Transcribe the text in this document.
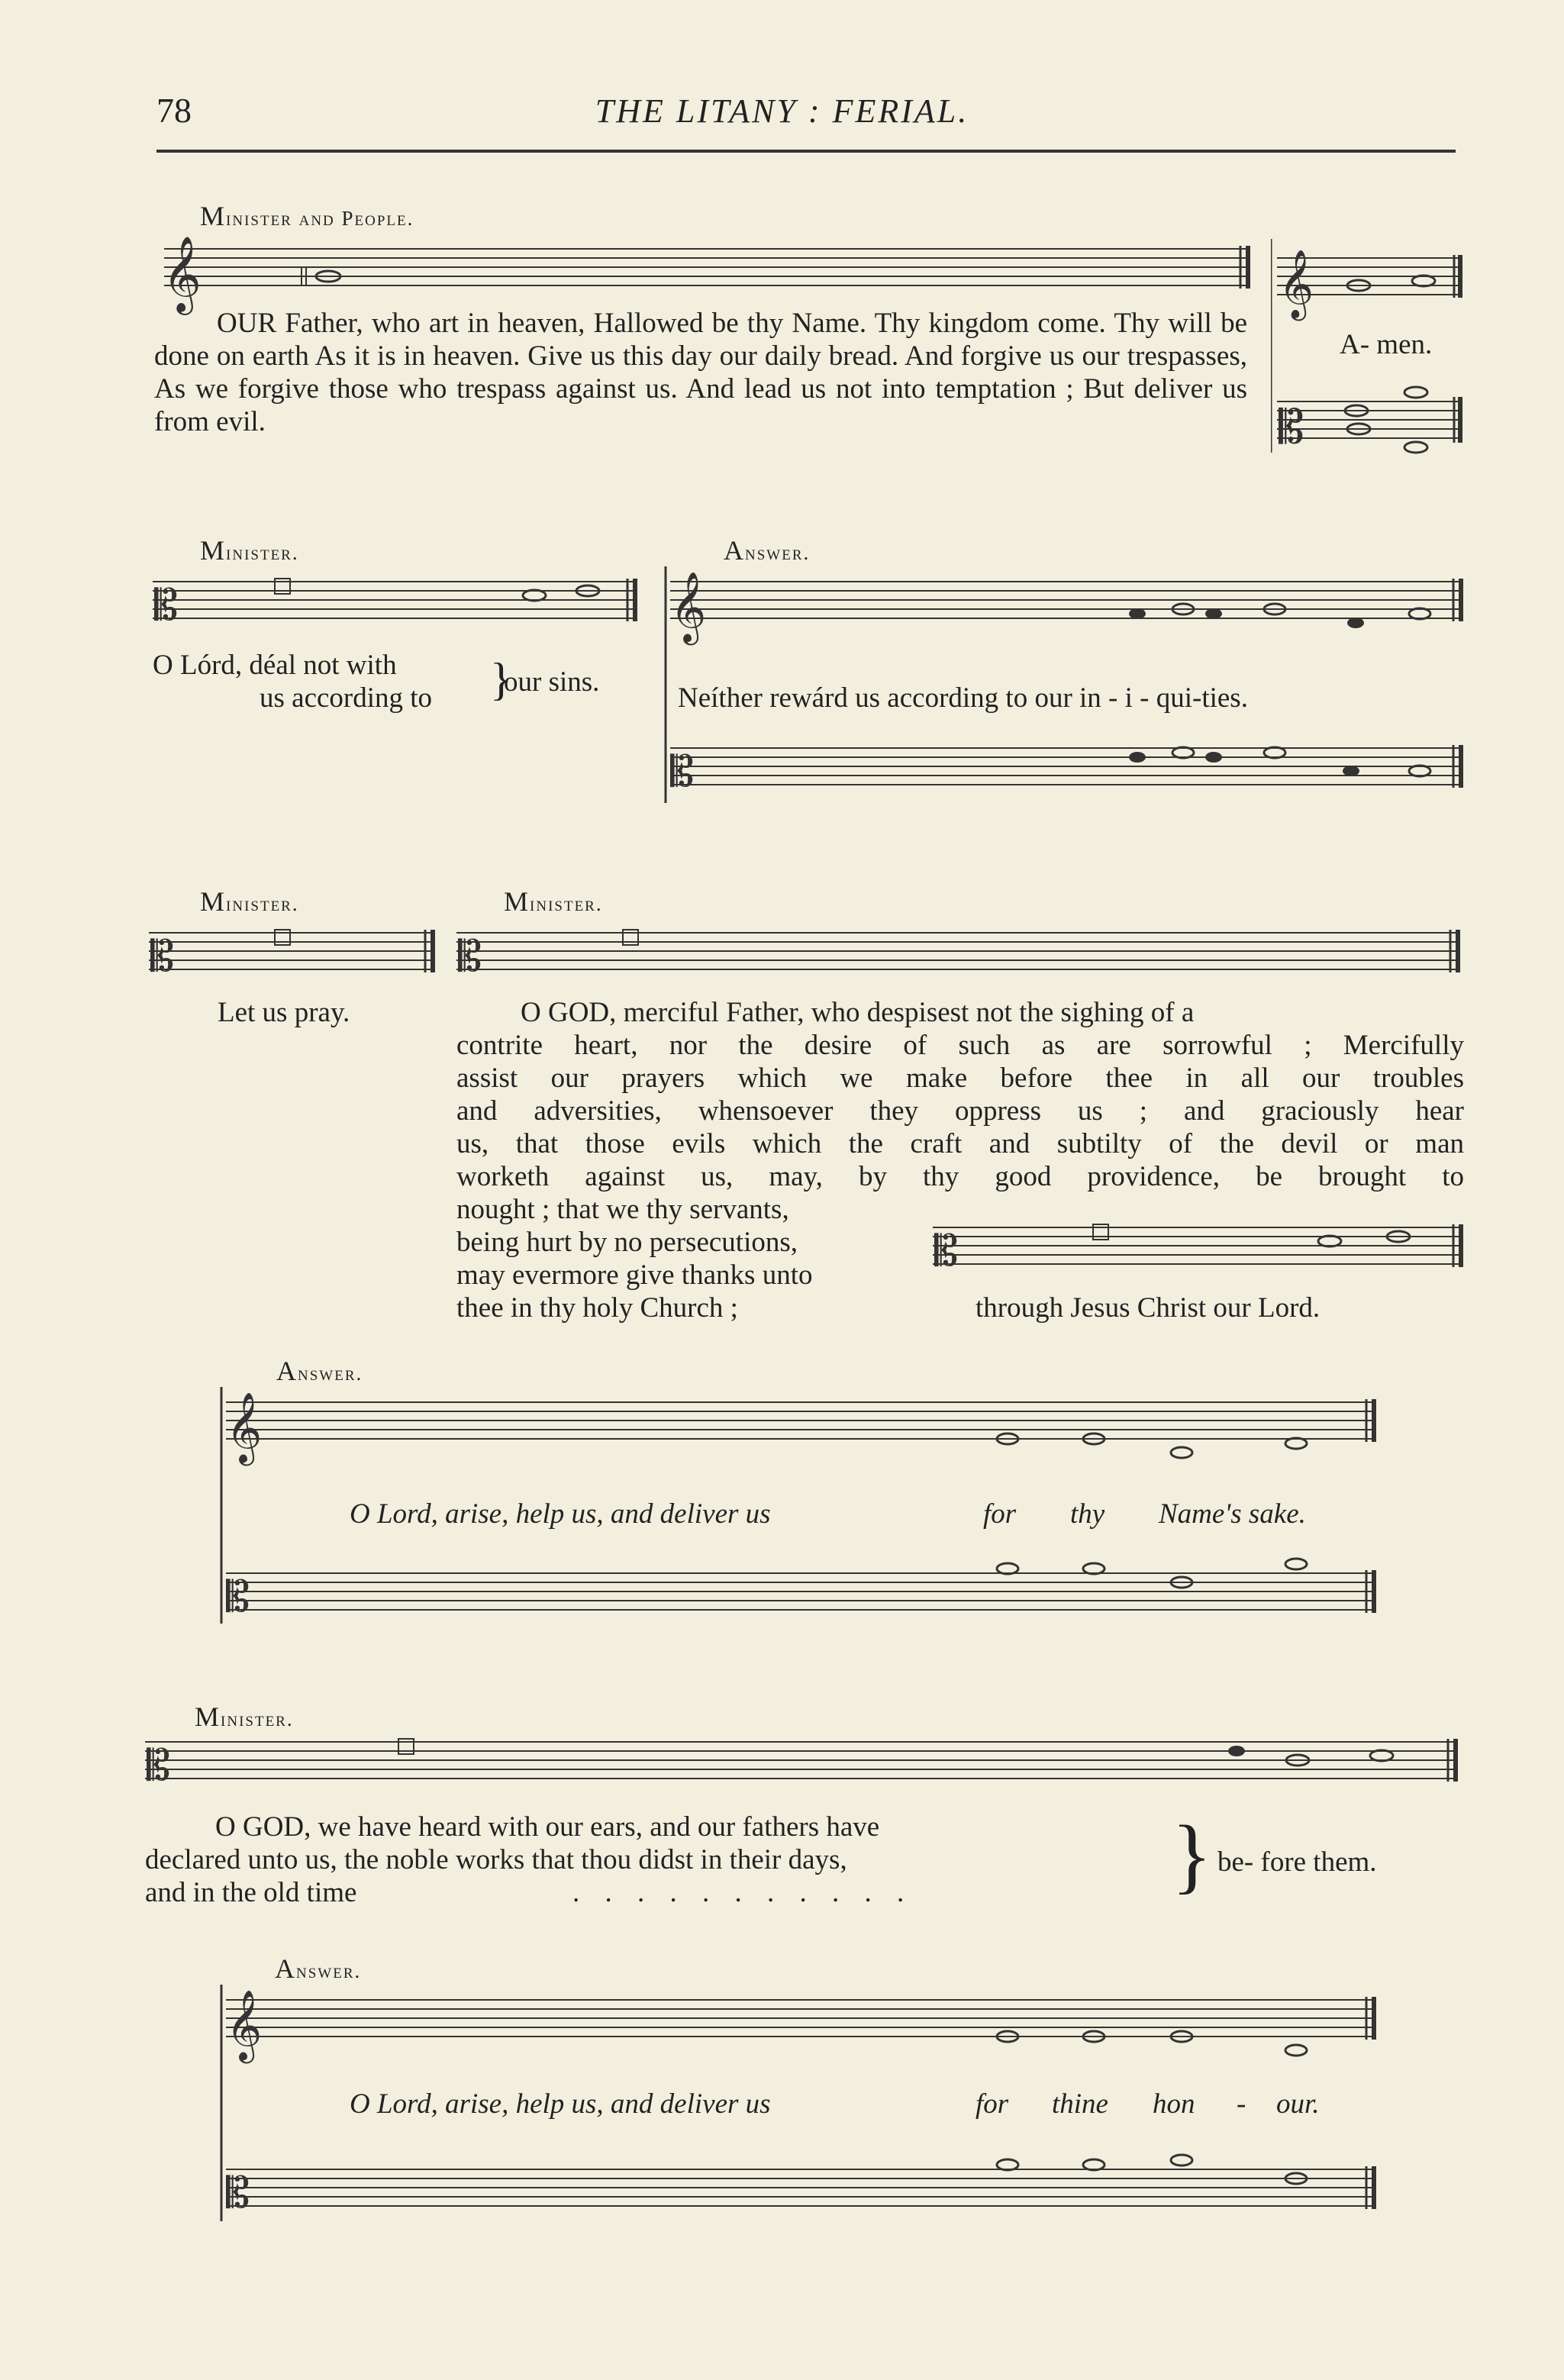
78	THE LITANY : FERIAL.
Minister and People.
𝄞
OUR Father, who art in heaven, Hallowed be thy Name. Thy kingdom come. Thy will be done on earth As it is in heaven. Give us this day our daily bread. And forgive us our trespasses, As we forgive those who trespass against us. And lead us not into temptation ; But deliver us from evil.
𝄞
𝄡
A- men.
Minister.
𝄡
O Lórd, déal not with
us according to }
our sins.
Answer.
𝄞
𝄡
Neíther rewárd us according to our in - i - qui-ties.
Minister.	Minister.
𝄡	𝄡
Let us pray.	O GOD, merciful Father, who despisest not the sighing of a
contrite heart, nor the desire of such as are sorrowful ; Mercifully
assist our prayers which we make before thee in all our troubles
and adversities, whensoever they oppress us ; and graciously hear
us, that those evils which the craft and subtilty of the devil or man
worketh against us, may, by thy good providence, be brought to
nought ; that we thy servants,
being hurt by no persecutions,
may evermore give thanks unto
thee in thy holy Church ;
𝄡
through Jesus Christ our Lord.
Answer.
𝄞
𝄡
O Lord, arise, help us, and deliver us	for thy Name's sake.
Minister.
𝄡
O GOD, we have heard with our ears, and our fathers have
declared unto us, the noble works that thou didst in their days,
and in the old time	. . . . . . . . . . .	} be- fore them.
Answer.
𝄞
𝄡
O Lord, arise, help us, and deliver us	for thine hon - our.
